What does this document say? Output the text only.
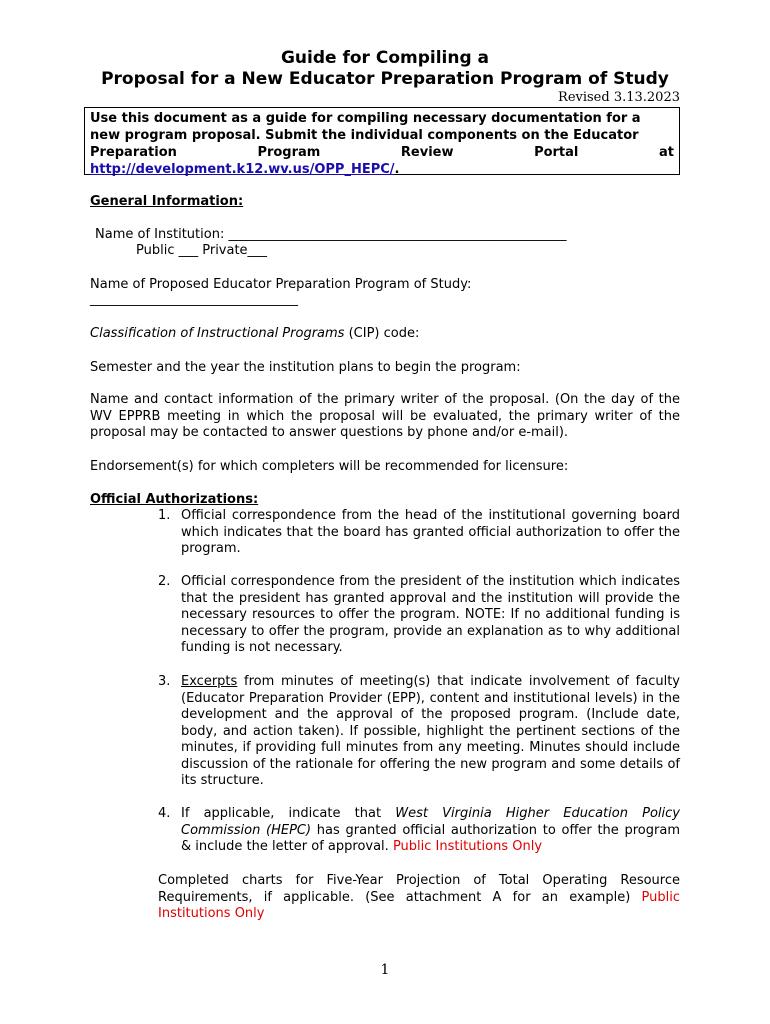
Guide for Compiling a
Proposal for a New Educator Preparation Program of Study
Revised 3.13.2023
Use this document as a guide for compiling necessary documentation for a
new program proposal. Submit the individual components on the Educator
Preparation	Program	Review	Portal	at
http://development.k12.wv.us/OPP_HEPC/.
General Information:
Name of Institution: ____________________________________________________
Public ___ Private___
Name of Proposed Educator Preparation Program of Study:
________________________________
Classification of Instructional Programs (CIP) code:
Semester and the year the institution plans to begin the program:
Name and contact information of the primary writer of the proposal. (On the day of the WV EPPRB meeting in which the proposal will be evaluated, the primary writer of the proposal may be contacted to answer questions by phone and/or e-mail).
Endorsement(s) for which completers will be recommended for licensure:
Official Authorizations:
1. Official correspondence from the head of the institutional governing board which indicates that the board has granted official authorization to offer the program.
2. Official correspondence from the president of the institution which indicates that the president has granted approval and the institution will provide the necessary resources to offer the program. NOTE: If no additional funding is necessary to offer the program, provide an explanation as to why additional funding is not necessary.
3. Excerpts from minutes of meeting(s) that indicate involvement of faculty (Educator Preparation Provider (EPP), content and institutional levels) in the development and the approval of the proposed program. (Include date, body, and action taken). If possible, highlight the pertinent sections of the minutes, if providing full minutes from any meeting. Minutes should include discussion of the rationale for offering the new program and some details of its structure.
4. If applicable, indicate that West Virginia Higher Education Policy Commission (HEPC) has granted official authorization to offer the program & include the letter of approval. Public Institutions Only
Completed charts for Five-Year Projection of Total Operating Resource Requirements, if applicable. (See attachment A for an example) Public Institutions Only
1
